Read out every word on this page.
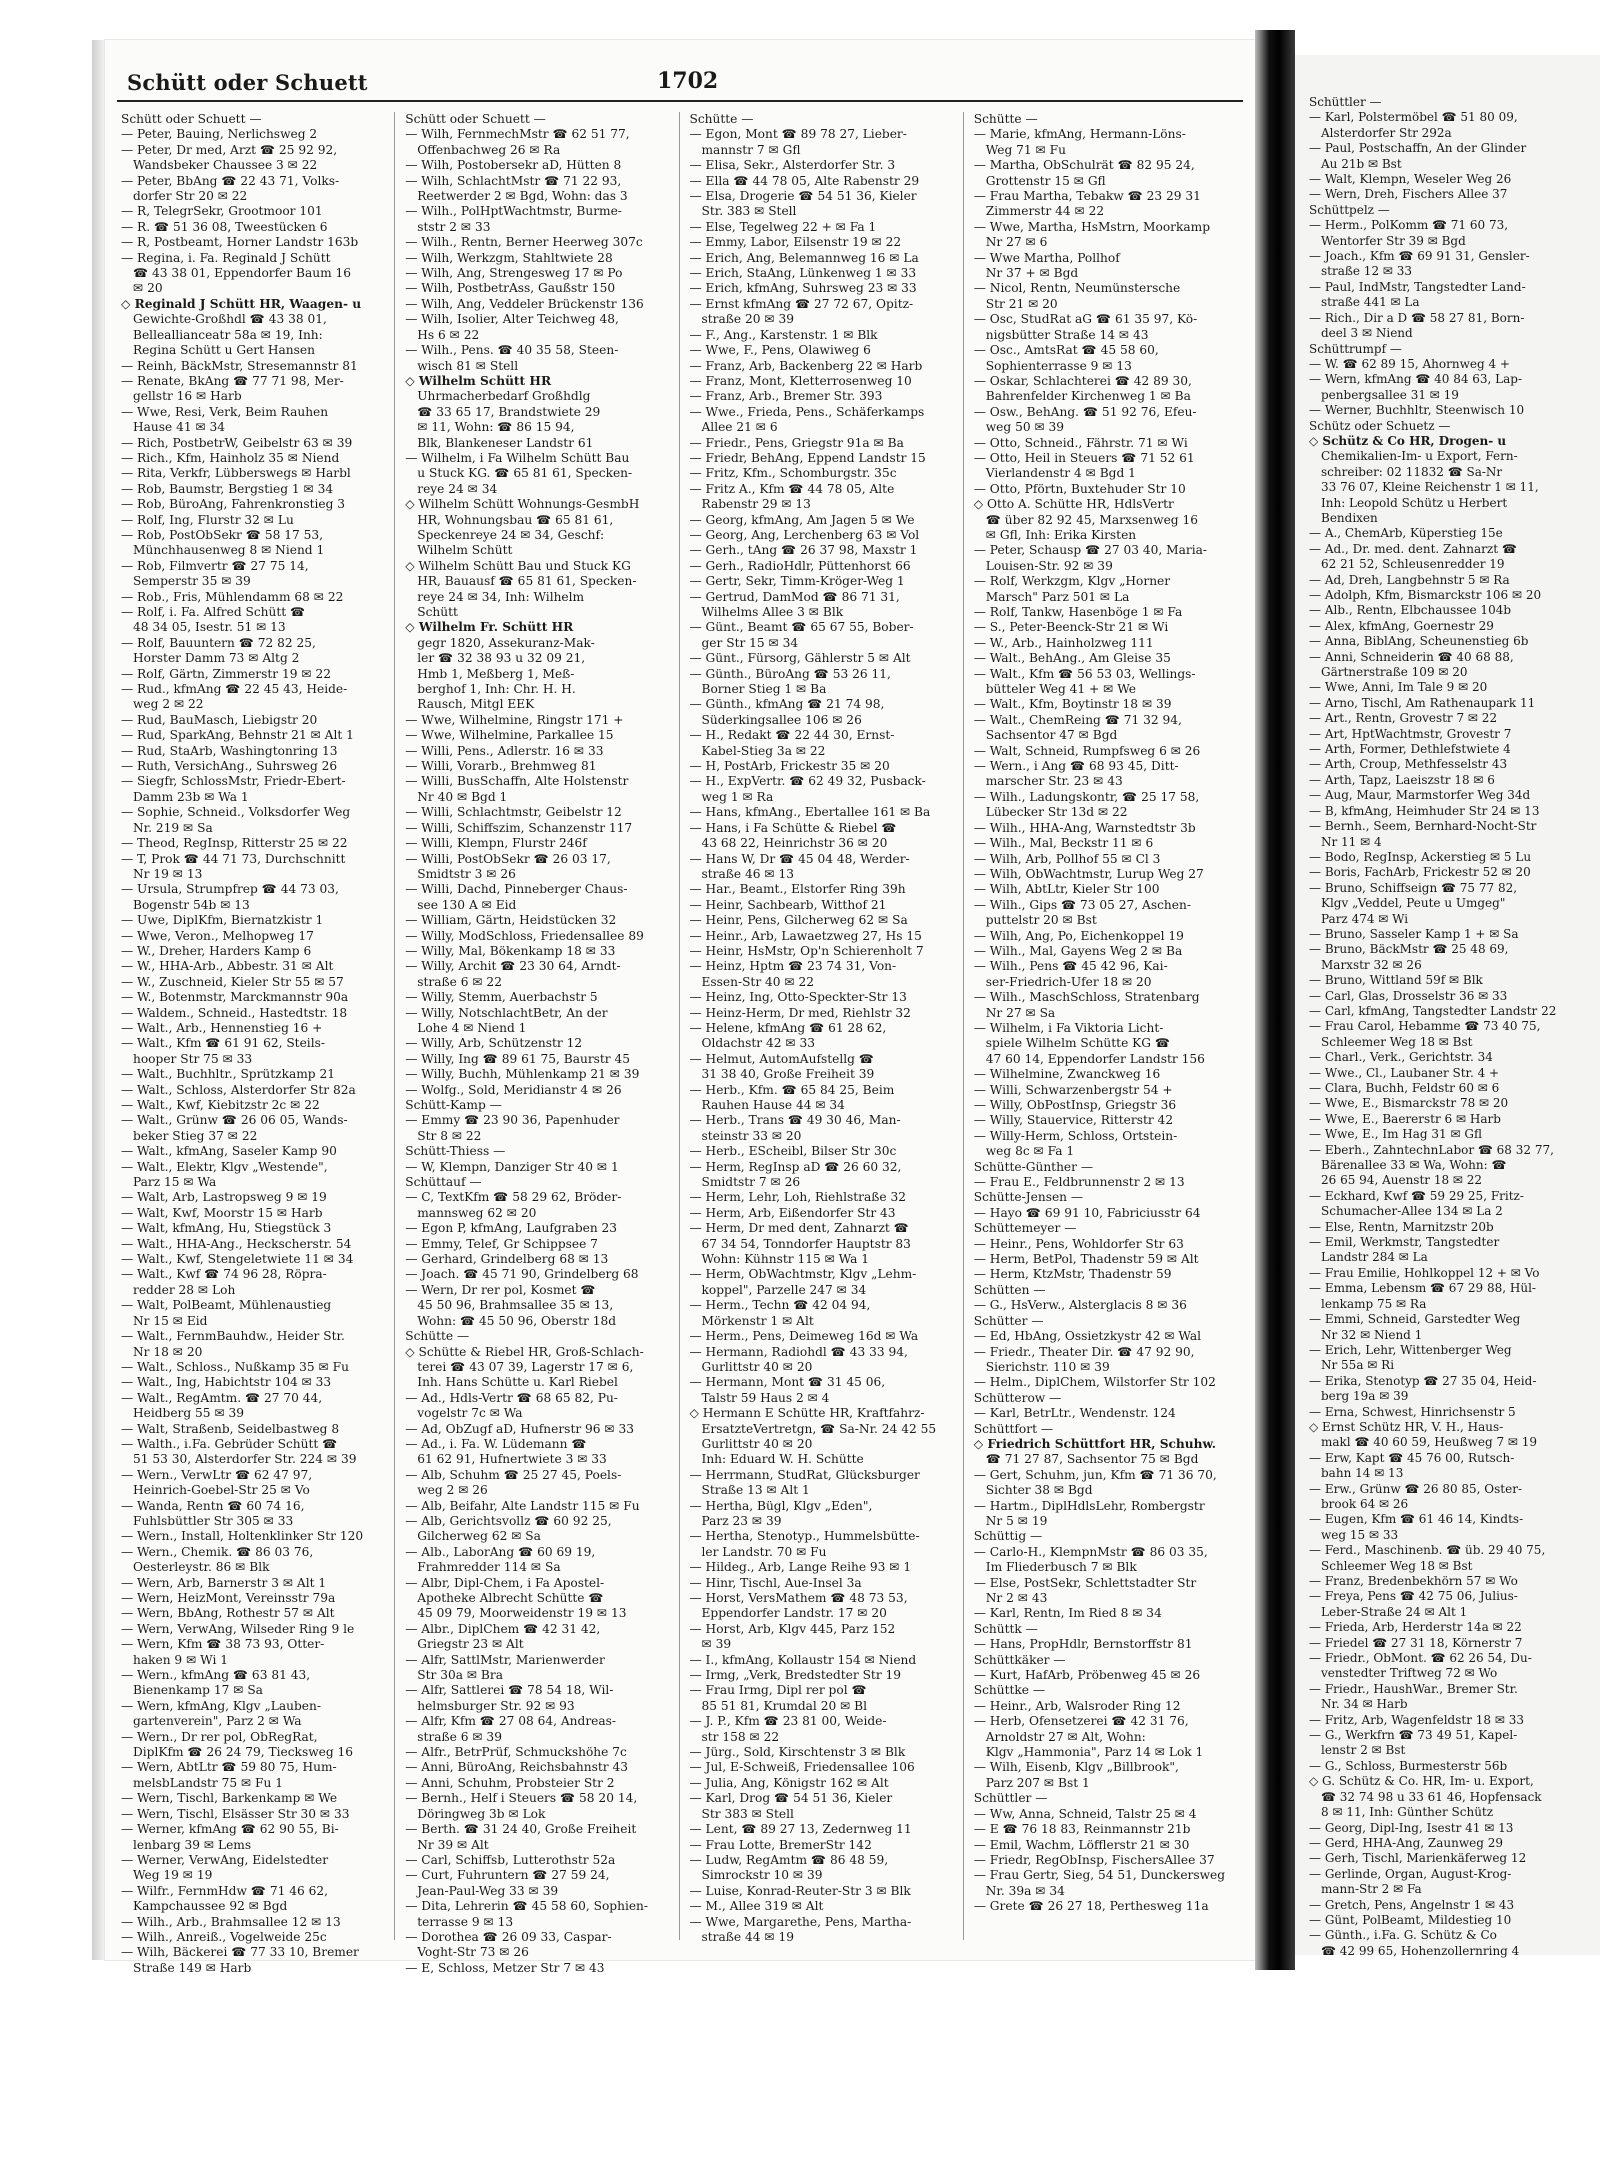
Schütt oder Schuett	1702
Schütt oder Schuett —
— Peter, Bauing, Nerlichsweg 2
— Peter, Dr med, Arzt ☎ 25 92 92,
Wandsbeker Chaussee 3 ✉ 22
— Peter, BbAng ☎ 22 43 71, Volks-
dorfer Str 20 ✉ 22
— R, TelegrSekr, Grootmoor 101
— R. ☎ 51 36 08, Tweestücken 6
— R, Postbeamt, Horner Landstr 163b
— Regina, i. Fa. Reginald J Schütt
☎ 43 38 01, Eppendorfer Baum 16
✉ 20
◇ Reginald J Schütt HR, Waagen- u
Gewichte-Großhdl ☎ 43 38 01,
Belleallianceatr 58a ✉ 19, Inh:
Regina Schütt u Gert Hansen
— Reinh, BäckMstr, Stresemannstr 81
— Renate, BkAng ☎ 77 71 98, Mer-
gellstr 16 ✉ Harb
— Wwe, Resi, Verk, Beim Rauhen
Hause 41 ✉ 34
— Rich, PostbetrW, Geibelstr 63 ✉ 39
— Rich., Kfm, Hainholz 35 ✉ Niend
— Rita, Verkfr, Lübberswegs ✉ Harbl
— Rob, Baumstr, Bergstieg 1 ✉ 34
— Rob, BüroAng, Fahrenkronstieg 3
— Rolf, Ing, Flurstr 32 ✉ Lu
— Rob, PostObSekr ☎ 58 17 53,
Münchhausenweg 8 ✉ Niend 1
— Rob, Filmvertr ☎ 27 75 14,
Semperstr 35 ✉ 39
— Rob., Fris, Mühlendamm 68 ✉ 22
— Rolf, i. Fa. Alfred Schütt ☎
48 34 05, Isestr. 51 ✉ 13
— Rolf, Bauuntern ☎ 72 82 25,
Horster Damm 73 ✉ Altg 2
— Rolf, Gärtn, Zimmerstr 19 ✉ 22
— Rud., kfmAng ☎ 22 45 43, Heide-
weg 2 ✉ 22
— Rud, BauMasch, Liebigstr 20
— Rud, SparkAng, Behnstr 21 ✉ Alt 1
— Rud, StaArb, Washingtonring 13
— Ruth, VersichAng., Suhrsweg 26
— Siegfr, SchlossMstr, Friedr-Ebert-
Damm 23b ✉ Wa 1
— Sophie, Schneid., Volksdorfer Weg
Nr. 219 ✉ Sa
— Theod, RegInsp, Ritterstr 25 ✉ 22
— T, Prok ☎ 44 71 73, Durchschnitt
Nr 19 ✉ 13
— Ursula, Strumpfrep ☎ 44 73 03,
Bogenstr 54b ✉ 13
— Uwe, DiplKfm, Biernatzkistr 1
— Wwe, Veron., Melhopweg 17
— W., Dreher, Harders Kamp 6
— W., HHA-Arb., Abbestr. 31 ✉ Alt
— W., Zuschneid, Kieler Str 55 ✉ 57
— W., Botenmstr, Marckmannstr 90a
— Waldem., Schneid., Hastedtstr. 18
— Walt., Arb., Hennenstieg 16 +
— Walt., Kfm ☎ 61 91 62, Steils-
hooper Str 75 ✉ 33
— Walt., Buchhltr., Sprützkamp 21
— Walt., Schloss, Alsterdorfer Str 82a
— Walt., Kwf, Kiebitzstr 2c ✉ 22
— Walt., Grünw ☎ 26 06 05, Wands-
beker Stieg 37 ✉ 22
— Walt., kfmAng, Saseler Kamp 90
— Walt., Elektr, Klgv „Westende",
Parz 15 ✉ Wa
— Walt, Arb, Lastropsweg 9 ✉ 19
— Walt, Kwf, Moorstr 15 ✉ Harb
— Walt, kfmAng, Hu, Stiegstück 3
— Walt., HHA-Ang., Heckscherstr. 54
— Walt., Kwf, Stengeletwiete 11 ✉ 34
— Walt., Kwf ☎ 74 96 28, Röpra-
redder 28 ✉ Loh
— Walt, PolBeamt, Mühlenaustieg
Nr 15 ✉ Eid
— Walt., FernmBauhdw., Heider Str.
Nr 18 ✉ 20
— Walt., Schloss., Nußkamp 35 ✉ Fu
— Walt., Ing, Habichtstr 104 ✉ 33
— Walt., RegAmtm. ☎ 27 70 44,
Heidberg 55 ✉ 39
— Walt, Straßenb, Seidelbastweg 8
— Walth., i.Fa. Gebrüder Schütt ☎
51 53 30, Alsterdorfer Str. 224 ✉ 39
— Wern., VerwLtr ☎ 62 47 97,
Heinrich-Goebel-Str 25 ✉ Vo
— Wanda, Rentn ☎ 60 74 16,
Fuhlsbüttler Str 305 ✉ 33
— Wern., Install, Holtenklinker Str 120
— Wern., Chemik. ☎ 86 03 76,
Oesterleystr. 86 ✉ Blk
— Wern, Arb, Barnerstr 3 ✉ Alt 1
— Wern, HeizMont, Vereinsstr 79a
— Wern, BbAng, Rothestr 57 ✉ Alt
— Wern, VerwAng, Wilseder Ring 9 le
— Wern, Kfm ☎ 38 73 93, Otter-
haken 9 ✉ Wi 1
— Wern., kfmAng ☎ 63 81 43,
Bienenkamp 17 ✉ Sa
— Wern, kfmAng, Klgv „Lauben-
gartenverein", Parz 2 ✉ Wa
— Wern., Dr rer pol, ObRegRat,
DiplKfm ☎ 26 24 79, Tiecksweg 16
— Wern, AbtLtr ☎ 59 80 75, Hum-
melsbLandstr 75 ✉ Fu 1
— Wern, Tischl, Barkenkamp ✉ We
— Wern, Tischl, Elsässer Str 30 ✉ 33
— Werner, kfmAng ☎ 62 90 55, Bi-
lenbarg 39 ✉ Lems
— Werner, VerwAng, Eidelstedter
Weg 19 ✉ 19
— Wilfr., FernmHdw ☎ 71 46 62,
Kampchaussee 92 ✉ Bgd
— Wilh., Arb., Brahmsallee 12 ✉ 13
— Wilh., Anreiß., Vogelweide 25c
— Wilh, Bäckerei ☎ 77 33 10, Bremer
Straße 149 ✉ Harb
Schütt oder Schuett —
— Wilh, FernmechMstr ☎ 62 51 77,
Offenbachweg 26 ✉ Ra
— Wilh, Postobersekr aD, Hütten 8
— Wilh, SchlachtMstr ☎ 71 22 93,
Reetwerder 2 ✉ Bgd, Wohn: das 3
— Wilh., PolHptWachtmstr, Burme-
ststr 2 ✉ 33
— Wilh., Rentn, Berner Heerweg 307c
— Wilh, Werkzgm, Stahltwiete 28
— Wilh, Ang, Strengesweg 17 ✉ Po
— Wilh, PostbetrAss, Gaußstr 150
— Wilh, Ang, Veddeler Brückenstr 136
— Wilh, Isolier, Alter Teichweg 48,
Hs 6 ✉ 22
— Wilh., Pens. ☎ 40 35 58, Steen-
wisch 81 ✉ Stell
◇ Wilhelm Schütt HR
Uhrmacherbedarf Großhdlg
☎ 33 65 17, Brandstwiete 29
✉ 11, Wohn: ☎ 86 15 94,
Blk, Blankeneser Landstr 61
— Wilhelm, i Fa Wilhelm Schütt Bau
u Stuck KG. ☎ 65 81 61, Specken-
reye 24 ✉ 34
◇ Wilhelm Schütt Wohnungs-GesmbH
HR, Wohnungsbau ☎ 65 81 61,
Speckenreye 24 ✉ 34, Geschf:
Wilhelm Schütt
◇ Wilhelm Schütt Bau und Stuck KG
HR, Bauausf ☎ 65 81 61, Specken-
reye 24 ✉ 34, Inh: Wilhelm
Schütt
◇ Wilhelm Fr. Schütt HR
gegr 1820, Assekuranz-Mak-
ler ☎ 32 38 93 u 32 09 21,
Hmb 1, Meßberg 1, Meß-
berghof 1, Inh: Chr. H. H.
Rausch, Mitgl EEK
— Wwe, Wilhelmine, Ringstr 171 +
— Wwe, Wilhelmine, Parkallee 15
— Willi, Pens., Adlerstr. 16 ✉ 33
— Willi, Vorarb., Brehmweg 81
— Willi, BusSchaffn, Alte Holstenstr
Nr 40 ✉ Bgd 1
— Willi, Schlachtmstr, Geibelstr 12
— Willi, Schiffszim, Schanzenstr 117
— Willi, Klempn, Flurstr 246f
— Willi, PostObSekr ☎ 26 03 17,
Smidtstr 3 ✉ 26
— Willi, Dachd, Pinneberger Chaus-
see 130 A ✉ Eid
— William, Gärtn, Heidstücken 32
— Willy, ModSchloss, Friedensallee 89
— Willy, Mal, Bökenkamp 18 ✉ 33
— Willy, Archit ☎ 23 30 64, Arndt-
straße 6 ✉ 22
— Willy, Stemm, Auerbachstr 5
— Willy, NotschlachtBetr, An der
Lohe 4 ✉ Niend 1
— Willy, Arb, Schützenstr 12
— Willy, Ing ☎ 89 61 75, Baurstr 45
— Willy, Buchh, Mühlenkamp 21 ✉ 39
— Wolfg., Sold, Meridianstr 4 ✉ 26
Schütt-Kamp —
— Emmy ☎ 23 90 36, Papenhuder
Str 8 ✉ 22
Schütt-Thiess —
— W, Klempn, Danziger Str 40 ✉ 1
Schüttauf —
— C, TextKfm ☎ 58 29 62, Bröder-
mannsweg 62 ✉ 20
— Egon P, kfmAng, Laufgraben 23
— Emmy, Telef, Gr Schippsee 7
— Gerhard, Grindelberg 68 ✉ 13
— Joach. ☎ 45 71 90, Grindelberg 68
— Wern, Dr rer pol, Kosmet ☎
45 50 96, Brahmsallee 35 ✉ 13,
Wohn: ☎ 45 50 96, Oberstr 18d
Schütte —
◇ Schütte & Riebel HR, Groß-Schlach-
terei ☎ 43 07 39, Lagerstr 17 ✉ 6,
Inh. Hans Schütte u. Karl Riebel
— Ad., Hdls-Vertr ☎ 68 65 82, Pu-
vogelstr 7c ✉ Wa
— Ad, ObZugf aD, Hufnerstr 96 ✉ 33
— Ad., i. Fa. W. Lüdemann ☎
61 62 91, Hufnertwiete 3 ✉ 33
— Alb, Schuhm ☎ 25 27 45, Poels-
weg 2 ✉ 26
— Alb, Beifahr, Alte Landstr 115 ✉ Fu
— Alb, Gerichtsvollz ☎ 60 92 25,
Gilcherweg 62 ✉ Sa
— Alb., LaborAng ☎ 60 69 19,
Frahmredder 114 ✉ Sa
— Albr, Dipl-Chem, i Fa Apostel-
Apotheke Albrecht Schütte ☎
45 09 79, Moorweidenstr 19 ✉ 13
— Albr., DiplChem ☎ 42 31 42,
Griegstr 23 ✉ Alt
— Alfr, SattlMstr, Marienwerder
Str 30a ✉ Bra
— Alfr, Sattlerei ☎ 78 54 18, Wil-
helmsburger Str. 92 ✉ 93
— Alfr, Kfm ☎ 27 08 64, Andreas-
straße 6 ✉ 39
— Alfr., BetrPrüf, Schmuckshöhe 7c
— Anni, BüroAng, Reichsbahnstr 43
— Anni, Schuhm, Probsteier Str 2
— Bernh., Helf i Steuers ☎ 58 20 14,
Döringweg 3b ✉ Lok
— Berth. ☎ 31 24 40, Große Freiheit
Nr 39 ✉ Alt
— Carl, Schiffsb, Lutterothstr 52a
— Curt, Fuhruntern ☎ 27 59 24,
Jean-Paul-Weg 33 ✉ 39
— Dita, Lehrerin ☎ 45 58 60, Sophien-
terrasse 9 ✉ 13
— Dorothea ☎ 26 09 33, Caspar-
Voght-Str 73 ✉ 26
— E, Schloss, Metzer Str 7 ✉ 43
Schütte —
— Egon, Mont ☎ 89 78 27, Lieber-
mannstr 7 ✉ Gfl
— Elisa, Sekr., Alsterdorfer Str. 3
— Ella ☎ 44 78 05, Alte Rabenstr 29
— Elsa, Drogerie ☎ 54 51 36, Kieler
Str. 383 ✉ Stell
— Else, Tegelweg 22 + ✉ Fa 1
— Emmy, Labor, Eilsenstr 19 ✉ 22
— Erich, Ang, Belemannweg 16 ✉ La
— Erich, StaAng, Lünkenweg 1 ✉ 33
— Erich, kfmAng, Suhrsweg 23 ✉ 33
— Ernst kfmAng ☎ 27 72 67, Opitz-
straße 20 ✉ 39
— F., Ang., Karstenstr. 1 ✉ Blk
— Wwe, F., Pens, Olawiweg 6
— Franz, Arb, Backenberg 22 ✉ Harb
— Franz, Mont, Kletterrosenweg 10
— Franz, Arb., Bremer Str. 393
— Wwe., Frieda, Pens., Schäferkamps
Allee 21 ✉ 6
— Friedr., Pens, Griegstr 91a ✉ Ba
— Friedr, BehAng, Eppend Landstr 15
— Fritz, Kfm., Schomburgstr. 35c
— Fritz A., Kfm ☎ 44 78 05, Alte
Rabenstr 29 ✉ 13
— Georg, kfmAng, Am Jagen 5 ✉ We
— Georg, Ang, Lerchenberg 63 ✉ Vol
— Gerh., tAng ☎ 26 37 98, Maxstr 1
— Gerh., RadioHdlr, Püttenhorst 66
— Gertr, Sekr, Timm-Kröger-Weg 1
— Gertrud, DamMod ☎ 86 71 31,
Wilhelms Allee 3 ✉ Blk
— Günt., Beamt ☎ 65 67 55, Bober-
ger Str 15 ✉ 34
— Günt., Fürsorg, Gählerstr 5 ✉ Alt
— Günth., BüroAng ☎ 53 26 11,
Borner Stieg 1 ✉ Ba
— Günth., kfmAng ☎ 21 74 98,
Süderkingsallee 106 ✉ 26
— H., Redakt ☎ 22 44 30, Ernst-
Kabel-Stieg 3a ✉ 22
— H, PostArb, Frickestr 35 ✉ 20
— H., ExpVertr. ☎ 62 49 32, Pusback-
weg 1 ✉ Ra
— Hans, kfmAng., Ebertallee 161 ✉ Ba
— Hans, i Fa Schütte & Riebel ☎
43 68 22, Heinrichstr 36 ✉ 20
— Hans W, Dr ☎ 45 04 48, Werder-
straße 46 ✉ 13
— Har., Beamt., Elstorfer Ring 39h
— Heinr, Sachbearb, Witthof 21
— Heinr, Pens, Gilcherweg 62 ✉ Sa
— Heinr., Arb, Lawaetzweg 27, Hs 15
— Heinr, HsMstr, Op'n Schierenholt 7
— Heinz, Hptm ☎ 23 74 31, Von-
Essen-Str 40 ✉ 22
— Heinz, Ing, Otto-Speckter-Str 13
— Heinz-Herm, Dr med, Riehlstr 32
— Helene, kfmAng ☎ 61 28 62,
Oldachstr 42 ✉ 33
— Helmut, AutomAufstellg ☎
31 38 40, Große Freiheit 39
— Herb., Kfm. ☎ 65 84 25, Beim
Rauhen Hause 44 ✉ 34
— Herb., Trans ☎ 49 30 46, Man-
steinstr 33 ✉ 20
— Herb., EScheibl, Bilser Str 30c
— Herm, RegInsp aD ☎ 26 60 32,
Smidtstr 7 ✉ 26
— Herm, Lehr, Loh, Riehlstraße 32
— Herm, Arb, Eißendorfer Str 43
— Herm, Dr med dent, Zahnarzt ☎
67 34 54, Tonndorfer Hauptstr 83
Wohn: Kühnstr 115 ✉ Wa 1
— Herm, ObWachtmstr, Klgv „Lehm-
koppel", Parzelle 247 ✉ 34
— Herm., Techn ☎ 42 04 94,
Mörkenstr 1 ✉ Alt
— Herm., Pens, Deimeweg 16d ✉ Wa
— Hermann, Radiohdl ☎ 43 33 94,
Gurlittstr 40 ✉ 20
— Hermann, Mont ☎ 31 45 06,
Talstr 59 Haus 2 ✉ 4
◇ Hermann E Schütte HR, Kraftfahrz-
ErsatzteVertretgn, ☎ Sa-Nr. 24 42 55
Gurlittstr 40 ✉ 20
Inh: Eduard W. H. Schütte
— Herrmann, StudRat, Glücksburger
Straße 13 ✉ Alt 1
— Hertha, Bügl, Klgv „Eden",
Parz 23 ✉ 39
— Hertha, Stenotyp., Hummelsbütte-
ler Landstr. 70 ✉ Fu
— Hildeg., Arb, Lange Reihe 93 ✉ 1
— Hinr, Tischl, Aue-Insel 3a
— Horst, VersMathem ☎ 48 73 53,
Eppendorfer Landstr. 17 ✉ 20
— Horst, Arb, Klgv 445, Parz 152
✉ 39
— I., kfmAng, Kollaustr 154 ✉ Niend
— Irmg, „Verk, Bredstedter Str 19
— Frau Irmg, Dipl rer pol ☎
85 51 81, Krumdal 20 ✉ Bl
— J. P., Kfm ☎ 23 81 00, Weide-
str 158 ✉ 22
— Jürg., Sold, Kirschtenstr 3 ✉ Blk
— Jul, E-Schweiß, Friedensallee 106
— Julia, Ang, Königstr 162 ✉ Alt
— Karl, Drog ☎ 54 51 36, Kieler
Str 383 ✉ Stell
— Lent, ☎ 89 27 13, Zedernweg 11
— Frau Lotte, BremerStr 142
— Ludw, RegAmtm ☎ 86 48 59,
Simrockstr 10 ✉ 39
— Luise, Konrad-Reuter-Str 3 ✉ Blk
— M., Allee 319 ✉ Alt
— Wwe, Margarethe, Pens, Martha-
straße 44 ✉ 19
Schütte —
— Marie, kfmAng, Hermann-Löns-
Weg 71 ✉ Fu
— Martha, ObSchulrät ☎ 82 95 24,
Grottenstr 15 ✉ Gfl
— Frau Martha, Tebakw ☎ 23 29 31
Zimmerstr 44 ✉ 22
— Wwe, Martha, HsMstrn, Moorkamp
Nr 27 ✉ 6
— Wwe Martha, Pollhof
Nr 37 + ✉ Bgd
— Nicol, Rentn, Neumünstersche
Str 21 ✉ 20
— Osc, StudRat aG ☎ 61 35 97, Kö-
nigsbütter Straße 14 ✉ 43
— Osc., AmtsRat ☎ 45 58 60,
Sophienterrasse 9 ✉ 13
— Oskar, Schlachterei ☎ 42 89 30,
Bahrenfelder Kirchenweg 1 ✉ Ba
— Osw., BehAng. ☎ 51 92 76, Efeu-
weg 50 ✉ 39
— Otto, Schneid., Fährstr. 71 ✉ Wi
— Otto, Heil in Steuers ☎ 71 52 61
Vierlandenstr 4 ✉ Bgd 1
— Otto, Pförtn, Buxtehuder Str 10
◇ Otto A. Schütte HR, HdlsVertr
☎ über 82 92 45, Marxsenweg 16
✉ Gfl, Inh: Erika Kirsten
— Peter, Schausp ☎ 27 03 40, Maria-
Louisen-Str. 92 ✉ 39
— Rolf, Werkzgm, Klgv „Horner
Marsch" Parz 501 ✉ La
— Rolf, Tankw, Hasenböge 1 ✉ Fa
— S., Peter-Beenck-Str 21 ✉ Wi
— W., Arb., Hainholzweg 111
— Walt., BehAng., Am Gleise 35
— Walt., Kfm ☎ 56 53 03, Wellings-
bütteler Weg 41 + ✉ We
— Walt., Kfm, Boytinstr 18 ✉ 39
— Walt., ChemReing ☎ 71 32 94,
Sachsentor 47 ✉ Bgd
— Walt, Schneid, Rumpfsweg 6 ✉ 26
— Wern., i Ang ☎ 68 93 45, Ditt-
marscher Str. 23 ✉ 43
— Wilh., Ladungskontr, ☎ 25 17 58,
Lübecker Str 13d ✉ 22
— Wilh., HHA-Ang, Warnstedtstr 3b
— Wilh., Mal, Beckstr 11 ✉ 6
— Wilh, Arb, Pollhof 55 ✉ Cl 3
— Wilh, ObWachtmstr, Lurup Weg 27
— Wilh, AbtLtr, Kieler Str 100
— Wilh., Gips ☎ 73 05 27, Aschen-
puttelstr 20 ✉ Bst
— Wilh, Ang, Po, Eichenkoppel 19
— Wilh., Mal, Gayens Weg 2 ✉ Ba
— Wilh., Pens ☎ 45 42 96, Kai-
ser-Friedrich-Ufer 18 ✉ 20
— Wilh., MaschSchloss, Stratenbarg
Nr 27 ✉ Sa
— Wilhelm, i Fa Viktoria Licht-
spiele Wilhelm Schütte KG ☎
47 60 14, Eppendorfer Landstr 156
— Wilhelmine, Zwanckweg 16
— Willi, Schwarzenbergstr 54 +
— Willy, ObPostInsp, Griegstr 36
— Willy, Stauervice, Ritterstr 42
— Willy-Herm, Schloss, Ortstein-
weg 8c ✉ Fa 1
Schütte-Günther —
— Frau E., Feldbrunnenstr 2 ✉ 13
Schütte-Jensen —
— Hayo ☎ 69 91 10, Fabriciusstr 64
Schüttemeyer —
— Heinr., Pens, Wohldorfer Str 63
— Herm, BetPol, Thadenstr 59 ✉ Alt
— Herm, KtzMstr, Thadenstr 59
Schütten —
— G., HsVerw., Alsterglacis 8 ✉ 36
Schütter —
— Ed, HbAng, Ossietzkystr 42 ✉ Wal
— Friedr., Theater Dir. ☎ 47 92 90,
Sierichstr. 110 ✉ 39
— Helm., DiplChem, Wilstorfer Str 102
Schütterow —
— Karl, BetrLtr., Wendenstr. 124
Schüttfort —
◇ Friedrich Schüttfort HR, Schuhw.
☎ 71 27 87, Sachsentor 75 ✉ Bgd
— Gert, Schuhm, jun, Kfm ☎ 71 36 70,
Sichter 38 ✉ Bgd
— Hartm., DiplHdlsLehr, Rombergstr
Nr 5 ✉ 19
Schüttig —
— Carlo-H., KlempnMstr ☎ 86 03 35,
Im Fliederbusch 7 ✉ Blk
— Else, PostSekr, Schlettstadter Str
Nr 2 ✉ 43
— Karl, Rentn, Im Ried 8 ✉ 34
Schüttk —
— Hans, PropHdlr, Bernstorffstr 81
Schüttkäker —
— Kurt, HafArb, Pröbenweg 45 ✉ 26
Schüttke —
— Heinr., Arb, Walsroder Ring 12
— Herb, Ofensetzerei ☎ 42 31 76,
Arnoldstr 27 ✉ Alt, Wohn:
Klgv „Hammonia", Parz 14 ✉ Lok 1
— Wilh, Eisenb, Klgv „Billbrook",
Parz 207 ✉ Bst 1
Schüttler —
— Ww, Anna, Schneid, Talstr 25 ✉ 4
— E ☎ 76 18 83, Reinmannstr 21b
— Emil, Wachm, Löfflerstr 21 ✉ 30
— Friedr, RegObInsp, FischersAllee 37
— Frau Gertr, Sieg, 54 51, Dunckersweg
Nr. 39a ✉ 34
— Grete ☎ 26 27 18, Perthesweg 11a
Schüttler —
— Karl, Polstermöbel ☎ 51 80 09,
Alsterdorfer Str 292a
— Paul, Postschaffn, An der Glinder
Au 21b ✉ Bst
— Walt, Klempn, Weseler Weg 26
— Wern, Dreh, Fischers Allee 37
Schüttpelz —
— Herm., PolKomm ☎ 71 60 73,
Wentorfer Str 39 ✉ Bgd
— Joach., Kfm ☎ 69 91 31, Gensler-
straße 12 ✉ 33
— Paul, IndMstr, Tangstedter Land-
straße 441 ✉ La
— Rich., Dir a D ☎ 58 27 81, Born-
deel 3 ✉ Niend
Schüttrumpf —
— W. ☎ 62 89 15, Ahornweg 4 +
— Wern, kfmAng ☎ 40 84 63, Lap-
penbergsallee 31 ✉ 19
— Werner, Buchhltr, Steenwisch 10
Schütz oder Schuetz —
◇ Schütz & Co HR, Drogen- u
Chemikalien-Im- u Export, Fern-
schreiber: 02 11832 ☎ Sa-Nr
33 76 07, Kleine Reichenstr 1 ✉ 11,
Inh: Leopold Schütz u Herbert
Bendixen
— A., ChemArb, Küperstieg 15e
— Ad., Dr. med. dent. Zahnarzt ☎
62 21 52, Schleusenredder 19
— Ad, Dreh, Langbehnstr 5 ✉ Ra
— Adolph, Kfm, Bismarckstr 106 ✉ 20
— Alb., Rentn, Elbchaussee 104b
— Alex, kfmAng, Goernestr 29
— Anna, BiblAng, Scheunenstieg 6b
— Anni, Schneiderin ☎ 40 68 88,
Gärtnerstraße 109 ✉ 20
— Wwe, Anni, Im Tale 9 ✉ 20
— Arno, Tischl, Am Rathenaupark 11
— Art., Rentn, Grovestr 7 ✉ 22
— Art, HptWachtmstr, Grovestr 7
— Arth, Former, Dethlefstwiete 4
— Arth, Croup, Methfesselstr 43
— Arth, Tapz, Laeiszstr 18 ✉ 6
— Aug, Maur, Marmstorfer Weg 34d
— B, kfmAng, Heimhuder Str 24 ✉ 13
— Bernh., Seem, Bernhard-Nocht-Str
Nr 11 ✉ 4
— Bodo, RegInsp, Ackerstieg ✉ 5 Lu
— Boris, FachArb, Frickestr 52 ✉ 20
— Bruno, Schiffseign ☎ 75 77 82,
Klgv „Veddel, Peute u Umgeg"
Parz 474 ✉ Wi
— Bruno, Sasseler Kamp 1 + ✉ Sa
— Bruno, BäckMstr ☎ 25 48 69,
Marxstr 32 ✉ 26
— Bruno, Wittland 59f ✉ Blk
— Carl, Glas, Drosselstr 36 ✉ 33
— Carl, kfmAng, Tangstedter Landstr 22
— Frau Carol, Hebamme ☎ 73 40 75,
Schleemer Weg 18 ✉ Bst
— Charl., Verk., Gerichtstr. 34
— Wwe., Cl., Laubaner Str. 4 +
— Clara, Buchh, Feldstr 60 ✉ 6
— Wwe, E., Bismarckstr 78 ✉ 20
— Wwe, E., Baererstr 6 ✉ Harb
— Wwe, E., Im Hag 31 ✉ Gfl
— Eberh., ZahntechnLabor ☎ 68 32 77,
Bärenallee 33 ✉ Wa, Wohn: ☎
26 65 94, Auenstr 18 ✉ 22
— Eckhard, Kwf ☎ 59 29 25, Fritz-
Schumacher-Allee 134 ✉ La 2
— Else, Rentn, Marnitzstr 20b
— Emil, Werkmstr, Tangstedter
Landstr 284 ✉ La
— Frau Emilie, Hohlkoppel 12 + ✉ Vo
— Emma, Lebensm ☎ 67 29 88, Hül-
lenkamp 75 ✉ Ra
— Emmi, Schneid, Garstedter Weg
Nr 32 ✉ Niend 1
— Erich, Lehr, Wittenberger Weg
Nr 55a ✉ Ri
— Erika, Stenotyp ☎ 27 35 04, Heid-
berg 19a ✉ 39
— Erna, Schwest, Hinrichsenstr 5
◇ Ernst Schütz HR, V. H., Haus-
makl ☎ 40 60 59, Heußweg 7 ✉ 19
— Erw, Kapt ☎ 45 76 00, Rutsch-
bahn 14 ✉ 13
— Erw., Grünw ☎ 26 80 85, Oster-
brook 64 ✉ 26
— Eugen, Kfm ☎ 61 46 14, Kindts-
weg 15 ✉ 33
— Ferd., Maschinenb. ☎ üb. 29 40 75,
Schleemer Weg 18 ✉ Bst
— Franz, Bredenbekhörn 57 ✉ Wo
— Freya, Pens ☎ 42 75 06, Julius-
Leber-Straße 24 ✉ Alt 1
— Frieda, Arb, Herderstr 14a ✉ 22
— Friedel ☎ 27 31 18, Körnerstr 7
— Friedr., ObMont. ☎ 62 26 54, Du-
venstedter Triftweg 72 ✉ Wo
— Friedr., HaushWar., Bremer Str.
Nr. 34 ✉ Harb
— Fritz, Arb, Wagenfeldstr 18 ✉ 33
— G., Werkfrn ☎ 73 49 51, Kapel-
lenstr 2 ✉ Bst
— G., Schloss, Burmesterstr 56b
◇ G. Schütz & Co. HR, Im- u. Export,
☎ 32 74 98 u 33 61 46, Hopfensack
8 ✉ 11, Inh: Günther Schütz
— Georg, Dipl-Ing, Isestr 41 ✉ 13
— Gerd, HHA-Ang, Zaunweg 29
— Gerh, Tischl, Marienkäferweg 12
— Gerlinde, Organ, August-Krog-
mann-Str 2 ✉ Fa
— Gretch, Pens, Angelnstr 1 ✉ 43
— Günt, PolBeamt, Mildestieg 10
— Günth., i.Fa. G. Schütz & Co
☎ 42 99 65, Hohenzollernring 4
